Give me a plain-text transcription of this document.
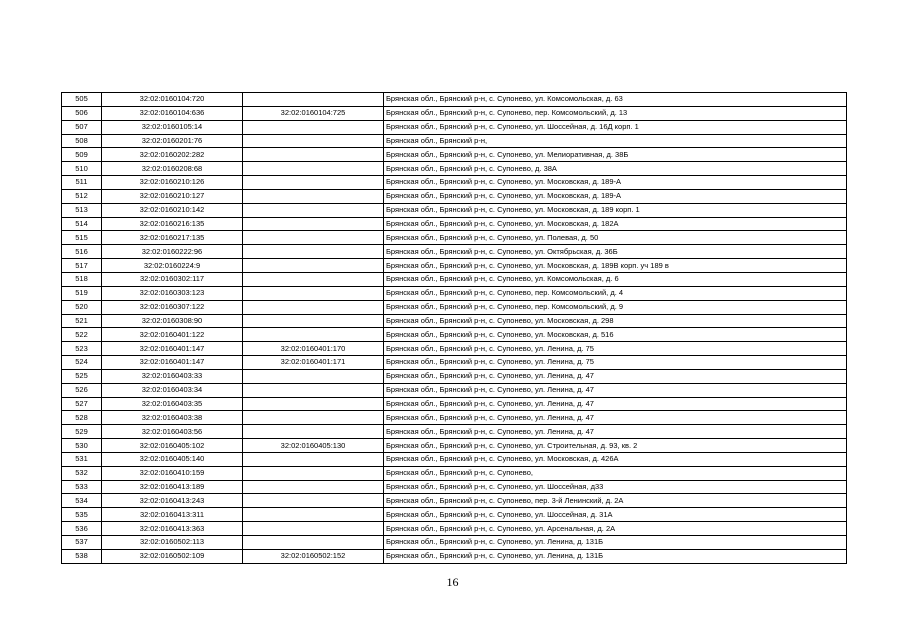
505	32:02:0160104:720		Брянская обл., Брянский р-н, с. Супонево, ул. Комсомольская, д. 63
506	32:02:0160104:636	32:02:0160104:725	Брянская обл., Брянский р-н, с. Супонево, пер. Комсомольский, д. 13
507	32:02:0160105:14		Брянская обл., Брянский р-н, с. Супонево, ул. Шоссейная, д. 16Д корп. 1
508	32:02:0160201:76		Брянская обл., Брянский р-н,
509	32:02:0160202:282		Брянская обл., Брянский р-н, с. Супонево, ул. Мелиоративная, д. 38Б
510	32:02:0160208:68		Брянская обл., Брянский р-н, с. Супонево, д. 38А
511	32:02:0160210:126		Брянская обл., Брянский р-н, с. Супонево, ул. Московская, д. 189-А
512	32:02:0160210:127		Брянская обл., Брянский р-н, с. Супонево, ул. Московская, д. 189-А
513	32:02:0160210:142		Брянская обл., Брянский р-н, с. Супонево, ул. Московская, д. 189 корп. 1
514	32:02:0160216:135		Брянская обл., Брянский р-н, с. Супонево, ул. Московская, д. 182А
515	32:02:0160217:135		Брянская обл., Брянский р-н, с. Супонево, ул. Полевая, д. 50
516	32:02:0160222:96		Брянская обл., Брянский р-н, с. Супонево, ул. Октябрьская, д. 36Б
517	32:02:0160224:9		Брянская обл., Брянский р-н, с. Супонево, ул. Московская, д. 189В корп. уч 189 в
518	32:02:0160302:117		Брянская обл., Брянский р-н, с. Супонево, ул. Комсомольская, д. 6
519	32:02:0160303:123		Брянская обл., Брянский р-н, с. Супонево, пер. Комсомольский, д. 4
520	32:02:0160307:122		Брянская обл., Брянский р-н, с. Супонево, пер. Комсомольский, д. 9
521	32:02:0160308:90		Брянская обл., Брянский р-н, с. Супонево, ул. Московская, д. 298
522	32:02:0160401:122		Брянская обл., Брянский р-н, с. Супонево, ул. Московская, д. 516
523	32:02:0160401:147	32:02:0160401:170	Брянская обл., Брянский р-н, с. Супонево, ул. Ленина, д. 75
524	32:02:0160401:147	32:02:0160401:171	Брянская обл., Брянский р-н, с. Супонево, ул. Ленина, д. 75
525	32:02:0160403:33		Брянская обл., Брянский р-н, с. Супонево, ул. Ленина, д. 47
526	32:02:0160403:34		Брянская обл., Брянский р-н, с. Супонево, ул. Ленина, д. 47
527	32:02:0160403:35		Брянская обл., Брянский р-н, с. Супонево, ул. Ленина, д. 47
528	32:02:0160403:38		Брянская обл., Брянский р-н, с. Супонево, ул. Ленина, д. 47
529	32:02:0160403:56		Брянская обл., Брянский р-н, с. Супонево, ул. Ленина, д. 47
530	32:02:0160405:102	32:02:0160405:130	Брянская обл., Брянский р-н, с. Супонево, ул. Строительная, д. 93, кв. 2
531	32:02:0160405:140		Брянская обл., Брянский р-н, с. Супонево, ул. Московская, д. 426А
532	32:02:0160410:159		Брянская обл., Брянский р-н, с. Супонево,
533	32:02:0160413:189		Брянская обл., Брянский р-н, с. Супонево, ул. Шоссейная, д33
534	32:02:0160413:243		Брянская обл., Брянский р-н, с. Супонево, пер. 3-й Ленинский, д. 2А
535	32:02:0160413:311		Брянская обл., Брянский р-н, с. Супонево, ул. Шоссейная, д. 31А
536	32:02:0160413:363		Брянская обл., Брянский р-н, с. Супонево, ул. Арсенальная, д. 2А
537	32:02:0160502:113		Брянская обл., Брянский р-н, с. Супонево, ул. Ленина, д. 131Б
538	32:02:0160502:109	32:02:0160502:152	Брянская обл., Брянский р-н, с. Супонево, ул. Ленина, д. 131Б
16
